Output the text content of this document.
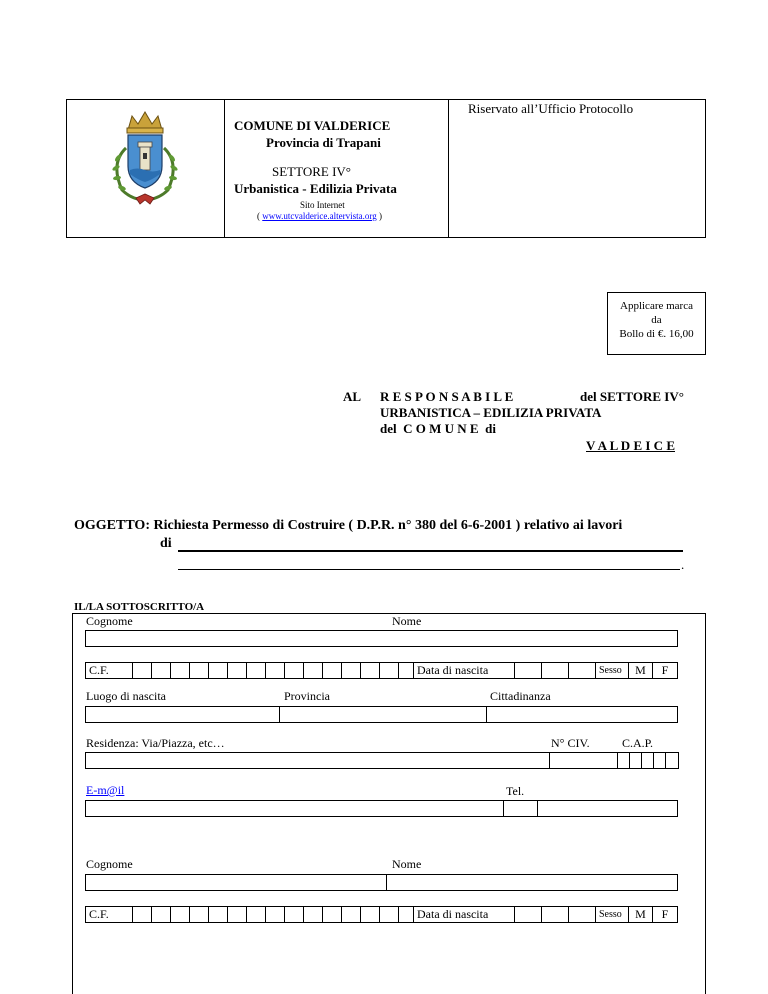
COMUNE DI VALDERICE
Provincia di Trapani
SETTORE IV°
Urbanistica - Edilizia Privata
Sito Internet
( www.utcvalderice.altervista.org )
Riservato all’Ufficio Protocollo
Applicare marca
da
Bollo di €. 16,00
AL R E S P O N S A B I L E	del SETTORE IV°
URBANISTICA – EDILIZIA PRIVATA
del C O M U N E di
V A L D E I C E
OGGETTO: Richiesta Permesso di Costruire ( D.P.R. n° 380 del 6-6-2001 ) relativo ai lavori
di
.
IL/LA SOTTOSCRITTO/A
Cognome	Nome
C.F.	Data di nascita	Sesso	M	F
Luogo di nascita	Provincia	Cittadinanza
Residenza: Via/Piazza, etc…	N° CIV.	C.A.P.
E-m@il	Tel.
Cognome	Nome
C.F.	Data di nascita	Sesso	M	F
